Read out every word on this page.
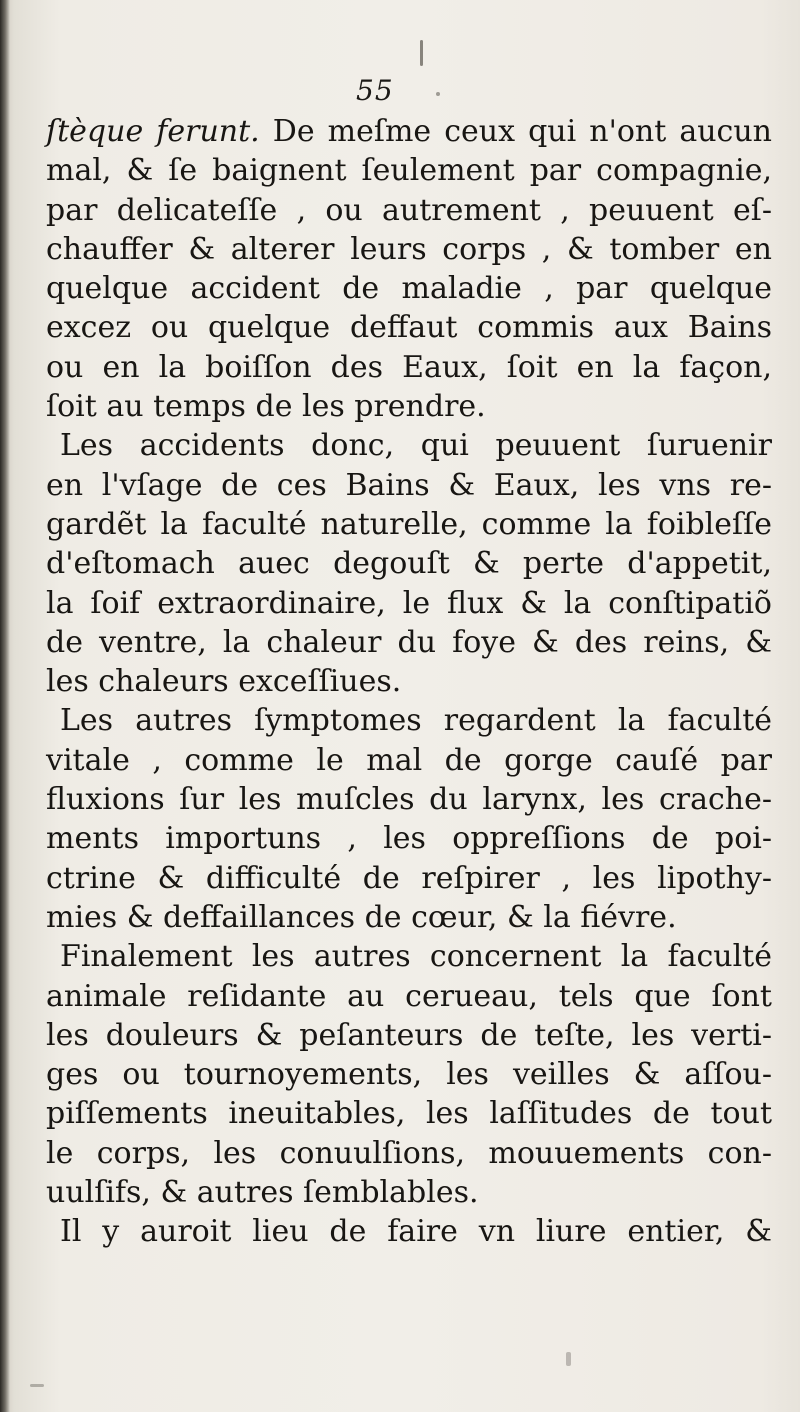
55
ſtèque ferunt. De meſme ceux qui n'ont aucun
mal, & ſe baignent ſeulement par compagnie,
par delicateſſe , ou autrement , peuuent eſ-
chauffer & alterer leurs corps , & tomber en
quelque accident de maladie , par quelque
excez ou quelque deffaut commis aux Bains
ou en la boiſſon des Eaux, ſoit en la façon,
ſoit au temps de les prendre.
Les accidents donc, qui peuuent ſuruenir
en l'vſage de ces Bains & Eaux, les vns re-
gardẽt la faculté naturelle, comme la foibleſſe
d'eſtomach auec degouſt & perte d'appetit,
la ſoif extraordinaire, le flux & la conſtipatiõ
de ventre, la chaleur du foye & des reins, &
les chaleurs exceſſiues.
Les autres ſymptomes regardent la faculté
vitale , comme le mal de gorge cauſé par
fluxions ſur les muſcles du larynx, les crache-
ments importuns , les oppreſſions de poi-
ctrine & difficulté de reſpirer , les lipothy-
mies & deffaillances de cœur, & la fiévre.
Finalement les autres concernent la faculté
animale reſidante au cerueau, tels que ſont
les douleurs & peſanteurs de teſte, les verti-
ges ou tournoyements, les veilles & aſſou-
piſſements ineuitables, les laſſitudes de tout
le corps, les conuulſions, mouuements con-
uulſifs, & autres ſemblables.
Il y auroit lieu de faire vn liure entier, &
